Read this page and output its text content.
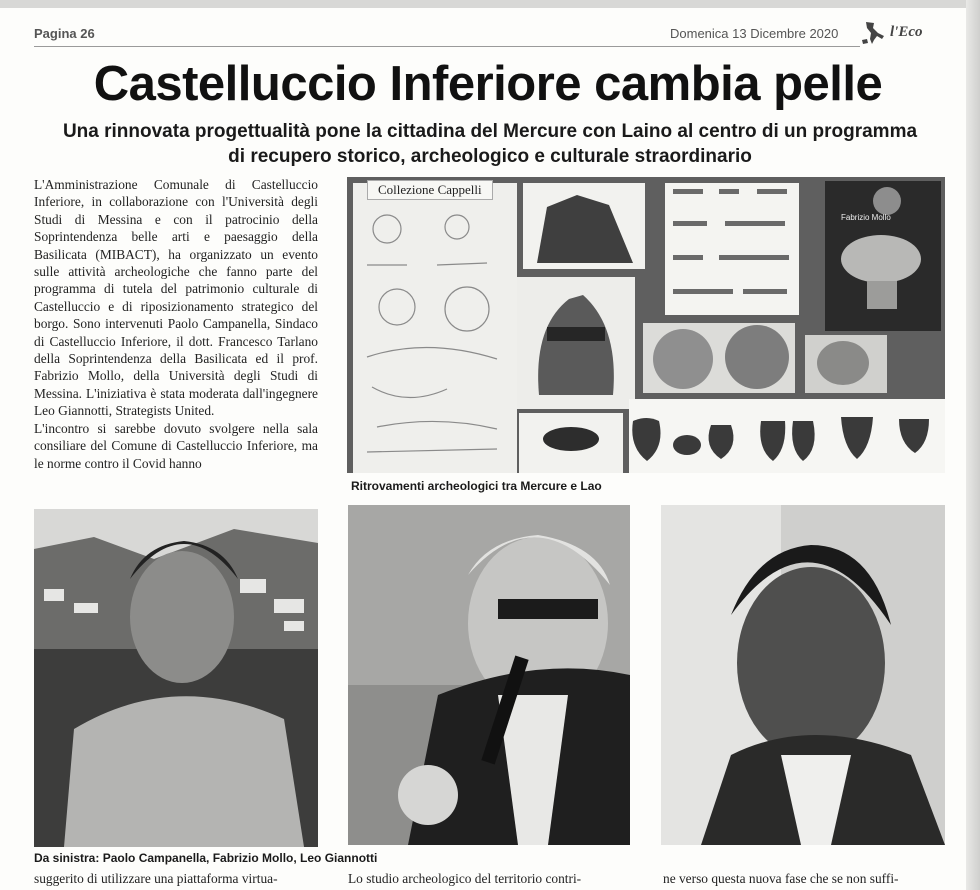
Pagina 26	Domenica 13 Dicembre 2020	l'Eco
Castelluccio Inferiore cambia pelle
Una rinnovata progettualità pone la cittadina del Mercure con Laino al centro di un programma di recupero storico, archeologico e culturale straordinario

L'Amministrazione Comunale di Castelluccio Inferiore, in collaborazione con l'Università degli Studi di Messina e con il patrocinio della Soprintendenza belle arti e paesaggio della Basilicata (MIBACT), ha organizzato un evento sulle attività archeologiche che fanno parte del programma di tutela del patrimonio culturale di Castelluccio e di riposizionamento strategico del borgo. Sono intervenuti Paolo Campanella, Sindaco di Castelluccio Inferiore, il dott. Francesco Tarlano della Soprintendenza della Basilicata ed il prof. Fabrizio Mollo, della Università degli Studi di Messina. L'iniziativa è stata moderata dall'ingegnere Leo Giannotti, Strategists United.

L'incontro si sarebbe dovuto svolgere nella sala consiliare del Comune di Castelluccio Inferiore, ma le norme contro il Covid hanno

Collezione Cappelli
Fabrizio Mollo
Ritrovamenti archeologici tra Mercure e Lao
Da sinistra: Paolo Campanella, Fabrizio Mollo, Leo Giannotti
suggerito di utilizzare una piattaforma virtua-	Lo studio archeologico del territorio contri-	ne verso questa nuova fase che se non suffi-
